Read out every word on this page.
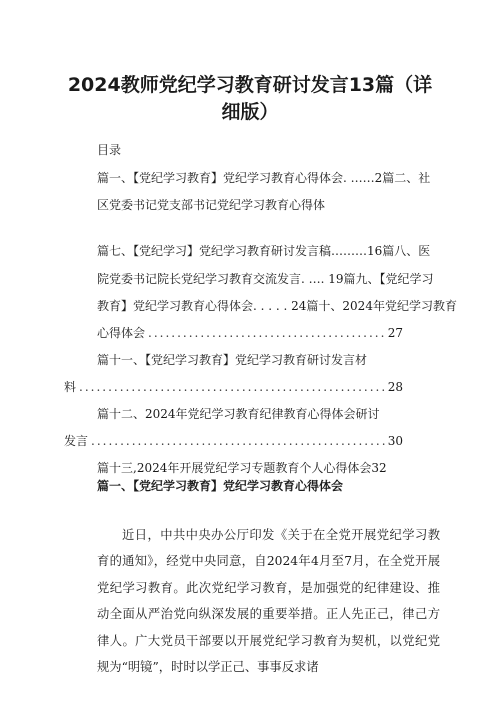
2024教师党纪学习教育研讨发言13篇（详细版）
目录
篇一、【党纪学习教育】党纪学习教育心得体会. ……2篇二、社
区党委书记党支部书记党纪学习教育心得体
篇七、【党纪学习】党纪学习教育研讨发言稿………16篇八、医
院党委书记院长党纪学习教育交流发言. …. 19篇九、【党纪学习
教育】党纪学习教育心得体会. . . . . 24篇十、2024年党纪学习教育
心得体会 .....	27
篇十一、【党纪学习教育】党纪学习教育研讨发言材
料 .....	28
篇十二、2024年党纪学习教育纪律教育心得体会研讨
发言 .....	30
篇十三,2024年开展党纪学习专题教育个人心得体会32
篇一、【党纪学习教育】党纪学习教育心得体会

近日，中共中央办公厅印发《关于在全党开展党纪学习教育的通知》，经党中央同意，自2024年4月至7月，在全党开展党纪学习教育。此次党纪学习教育，是加强党的纪律建设、推动全面从严治党向纵深发展的重要举措。正人先正己，律己方律人。广大党员干部要以开展党纪学习教育为契机，以党纪党规为“明镜”，时时以学正己、事事反求诸
